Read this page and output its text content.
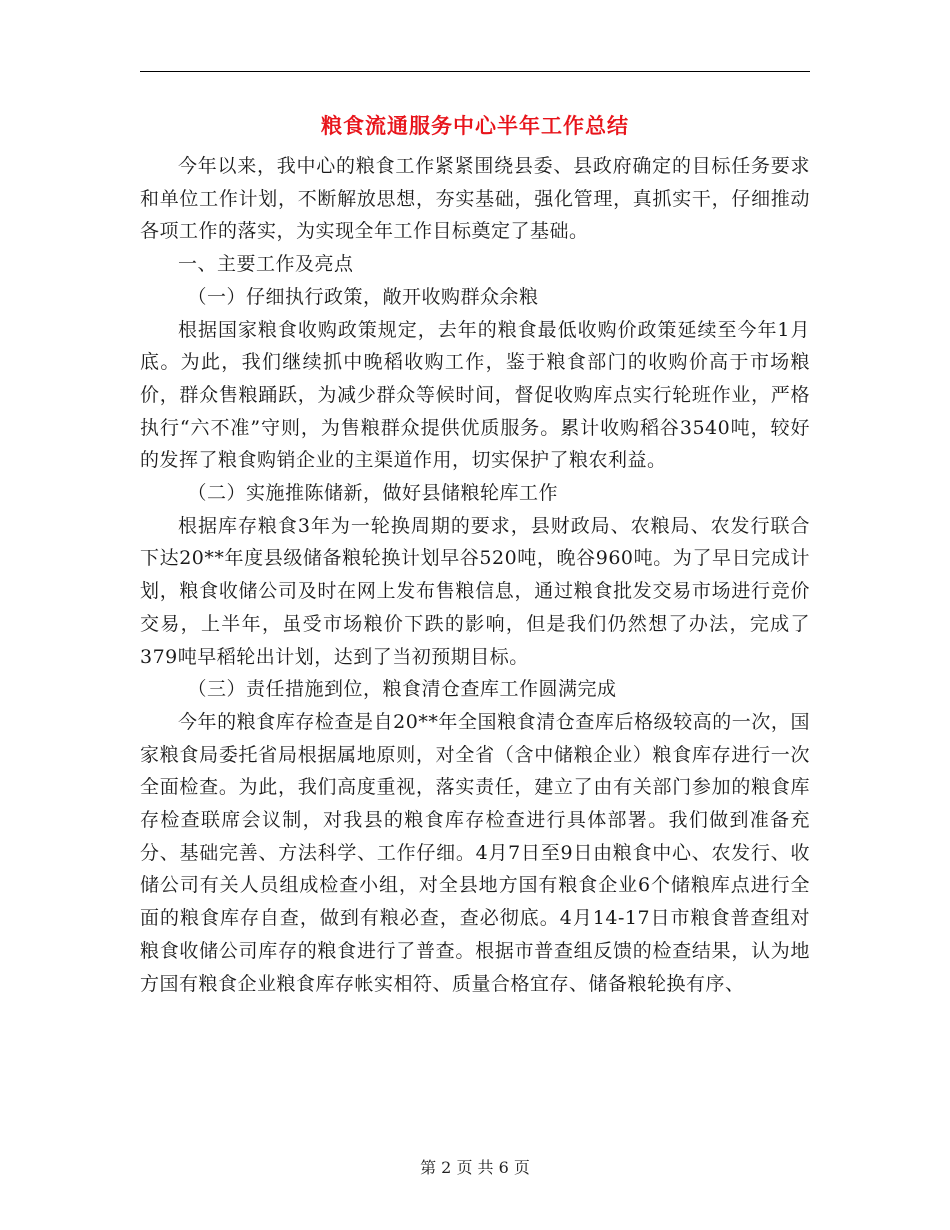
粮食流通服务中心半年工作总结

今年以来，我中心的粮食工作紧紧围绕县委、县政府确定的目标任务要求和单位工作计划，不断解放思想，夯实基础，强化管理，真抓实干，仔细推动各项工作的落实，为实现全年工作目标奠定了基础。

一、主要工作及亮点

（一）仔细执行政策，敞开收购群众余粮

根据国家粮食收购政策规定，去年的粮食最低收购价政策延续至今年1月底。为此，我们继续抓中晚稻收购工作，鉴于粮食部门的收购价高于市场粮价，群众售粮踊跃，为减少群众等候时间，督促收购库点实行轮班作业，严格执行“六不准”守则，为售粮群众提供优质服务。累计收购稻谷3540吨，较好的发挥了粮食购销企业的主渠道作用，切实保护了粮农利益。

（二）实施推陈储新，做好县储粮轮库工作

根据库存粮食3年为一轮换周期的要求，县财政局、农粮局、农发行联合下达20**年度县级储备粮轮换计划早谷520吨，晚谷960吨。为了早日完成计划，粮食收储公司及时在网上发布售粮信息，通过粮食批发交易市场进行竞价交易，上半年，虽受市场粮价下跌的影响，但是我们仍然想了办法，完成了379吨早稻轮出计划，达到了当初预期目标。

（三）责任措施到位，粮食清仓查库工作圆满完成

今年的粮食库存检查是自20**年全国粮食清仓查库后格级较高的一次，国家粮食局委托省局根据属地原则，对全省（含中储粮企业）粮食库存进行一次全面检查。为此，我们高度重视，落实责任，建立了由有关部门参加的粮食库存检查联席会议制，对我县的粮食库存检查进行具体部署。我们做到准备充分、基础完善、方法科学、工作仔细。4月7日至9日由粮食中心、农发行、收储公司有关人员组成检查小组，对全县地方国有粮食企业6个储粮库点进行全面的粮食库存自查，做到有粮必查，查必彻底。4月14-17日市粮食普查组对粮食收储公司库存的粮食进行了普查。根据市普查组反馈的检查结果，认为地方国有粮食企业粮食库存帐实相符、质量合格宜存、储备粮轮换有序、

第 2 页 共 6 页
